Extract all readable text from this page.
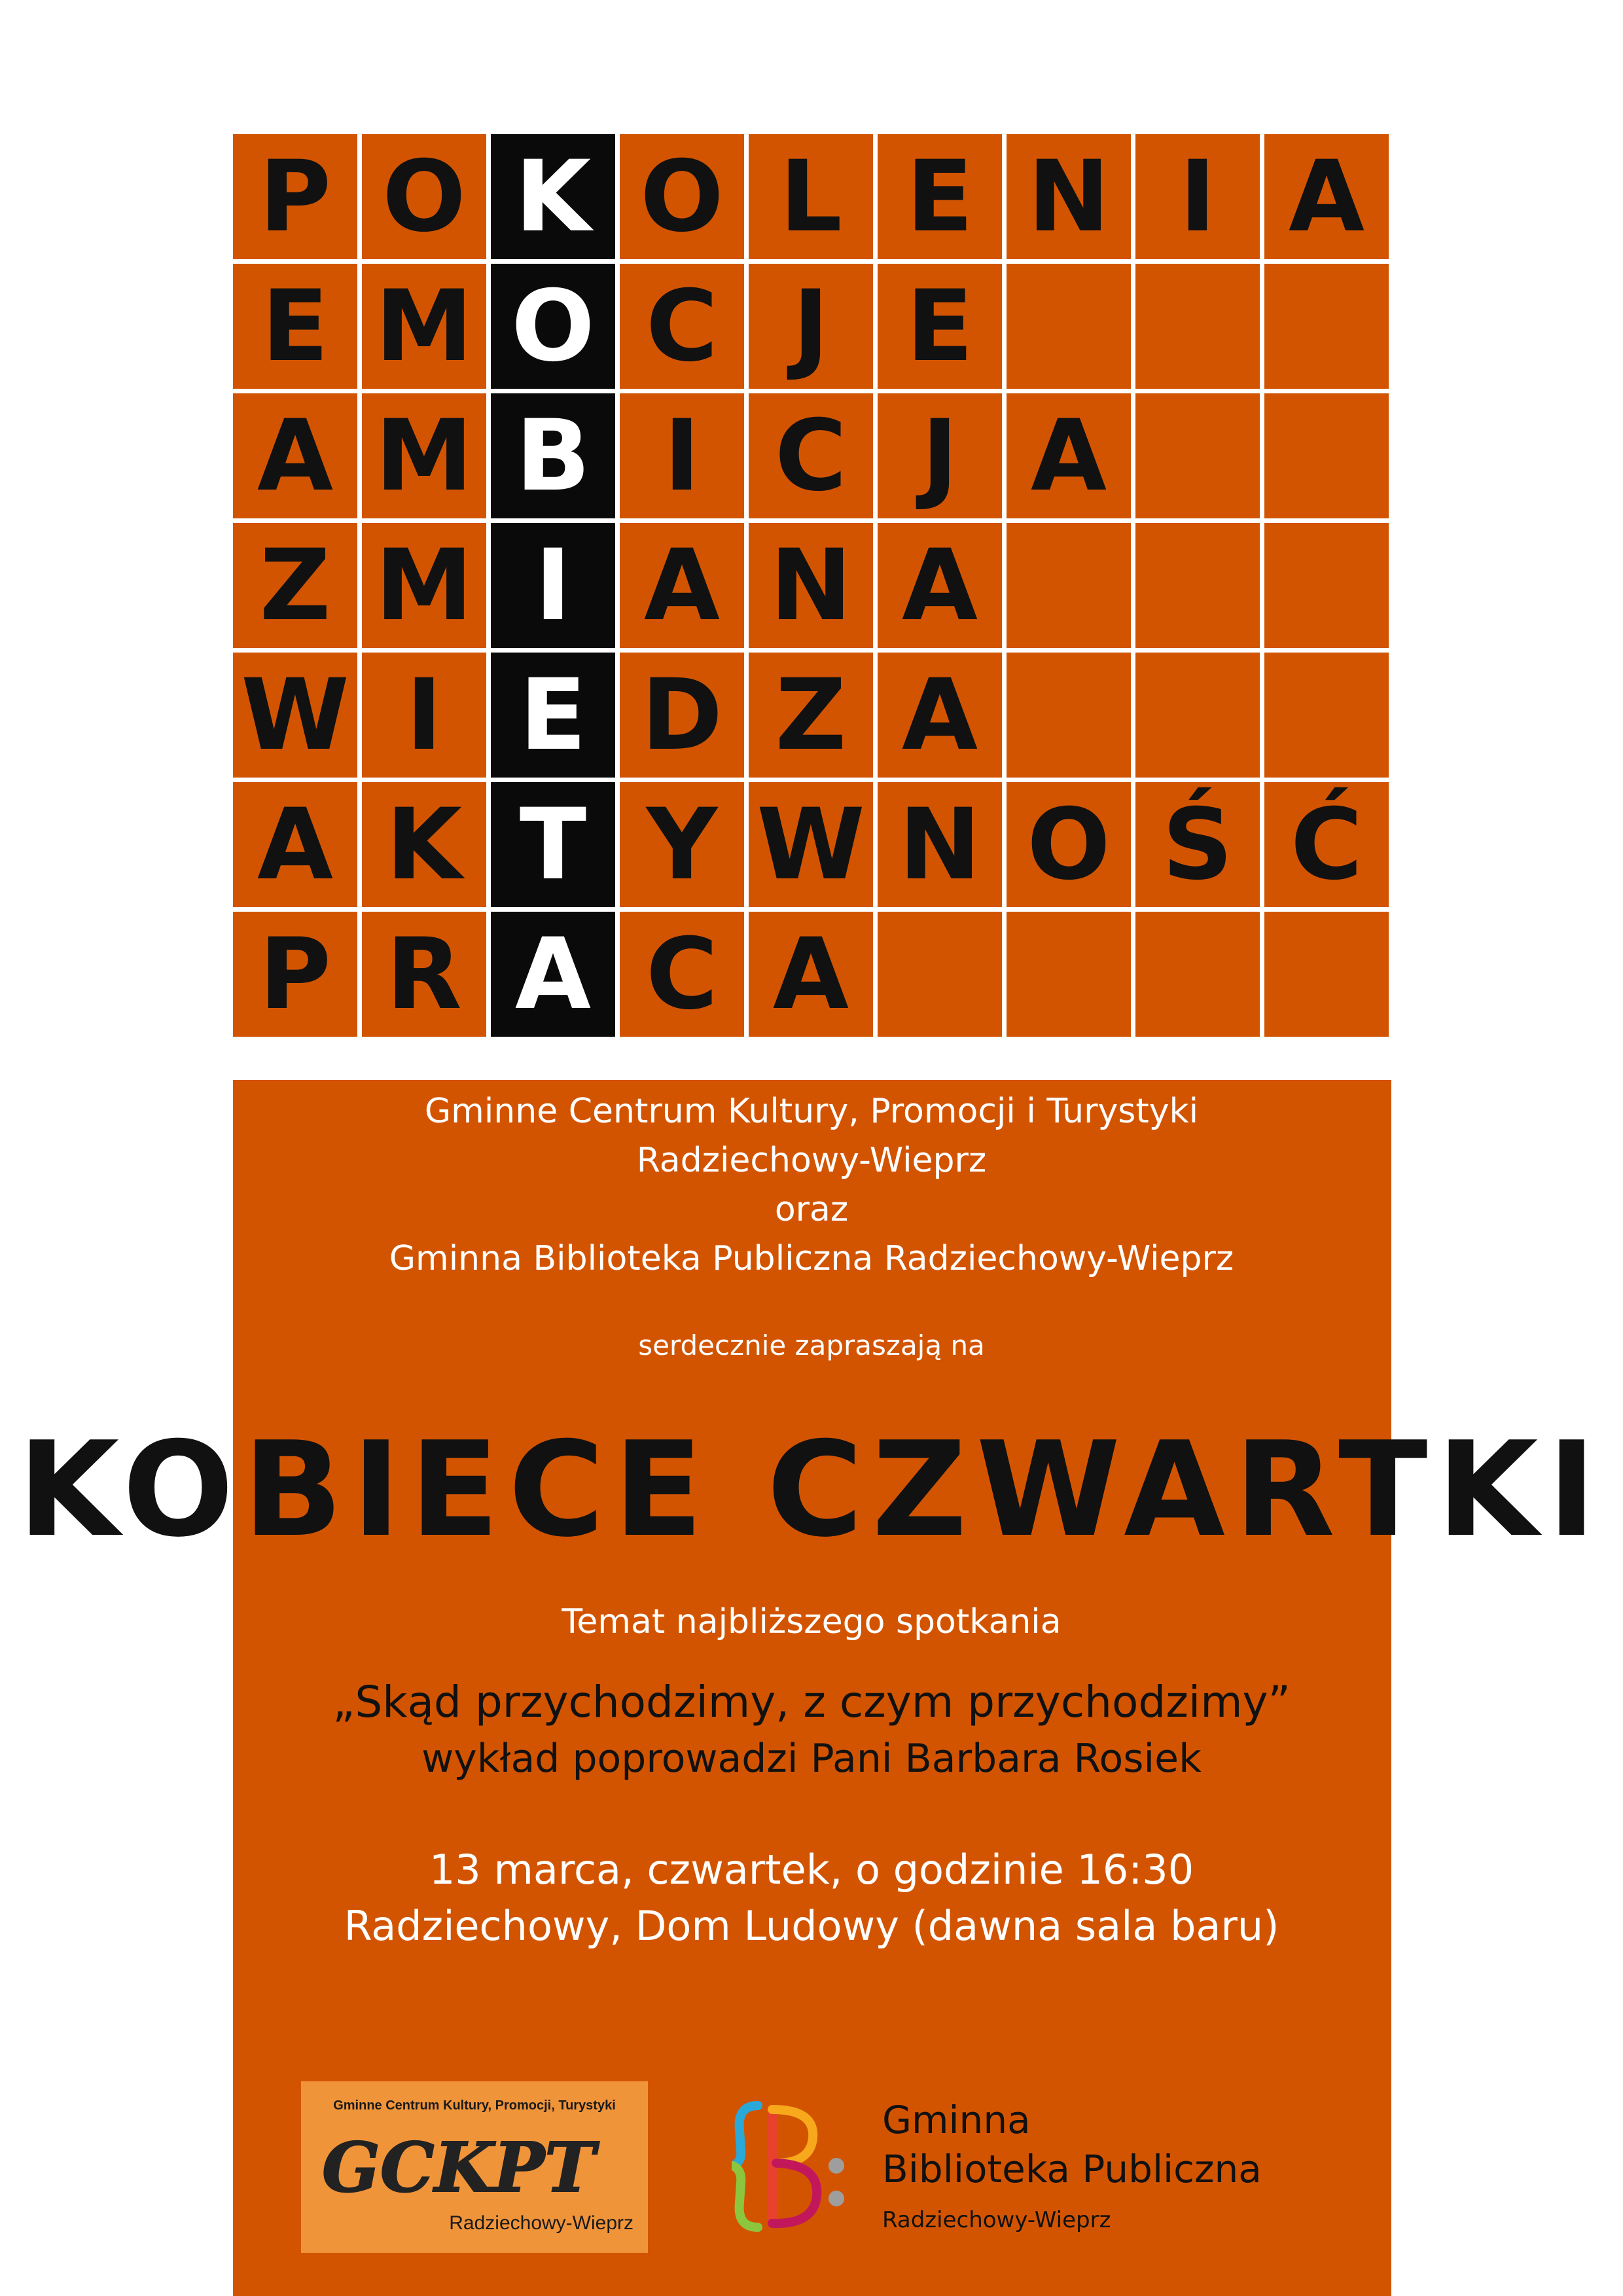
P O K O L E N I A
E M O C J E
A M B I C J A
Z M I A N A
W I E D Z A
A K T Y W N O Ś Ć
P R A C A
Gminne Centrum Kultury, Promocji i Turystyki
Radziechowy-Wieprz
oraz
Gminna Biblioteka Publiczna Radziechowy-Wieprz
serdecznie zapraszają na
KOBIECE CZWARTKI
Temat najbliższego spotkania
„Skąd przychodzimy, z czym przychodzimy”
wykład poprowadzi Pani Barbara Rosiek
13 marca, czwartek, o godzinie 16:30
Radziechowy, Dom Ludowy (dawna sala baru)
Gminne Centrum Kultury, Promocji, Turystyki
GCKPT
Radziechowy-Wieprz
Gminna
Biblioteka Publiczna
Radziechowy-Wieprz
